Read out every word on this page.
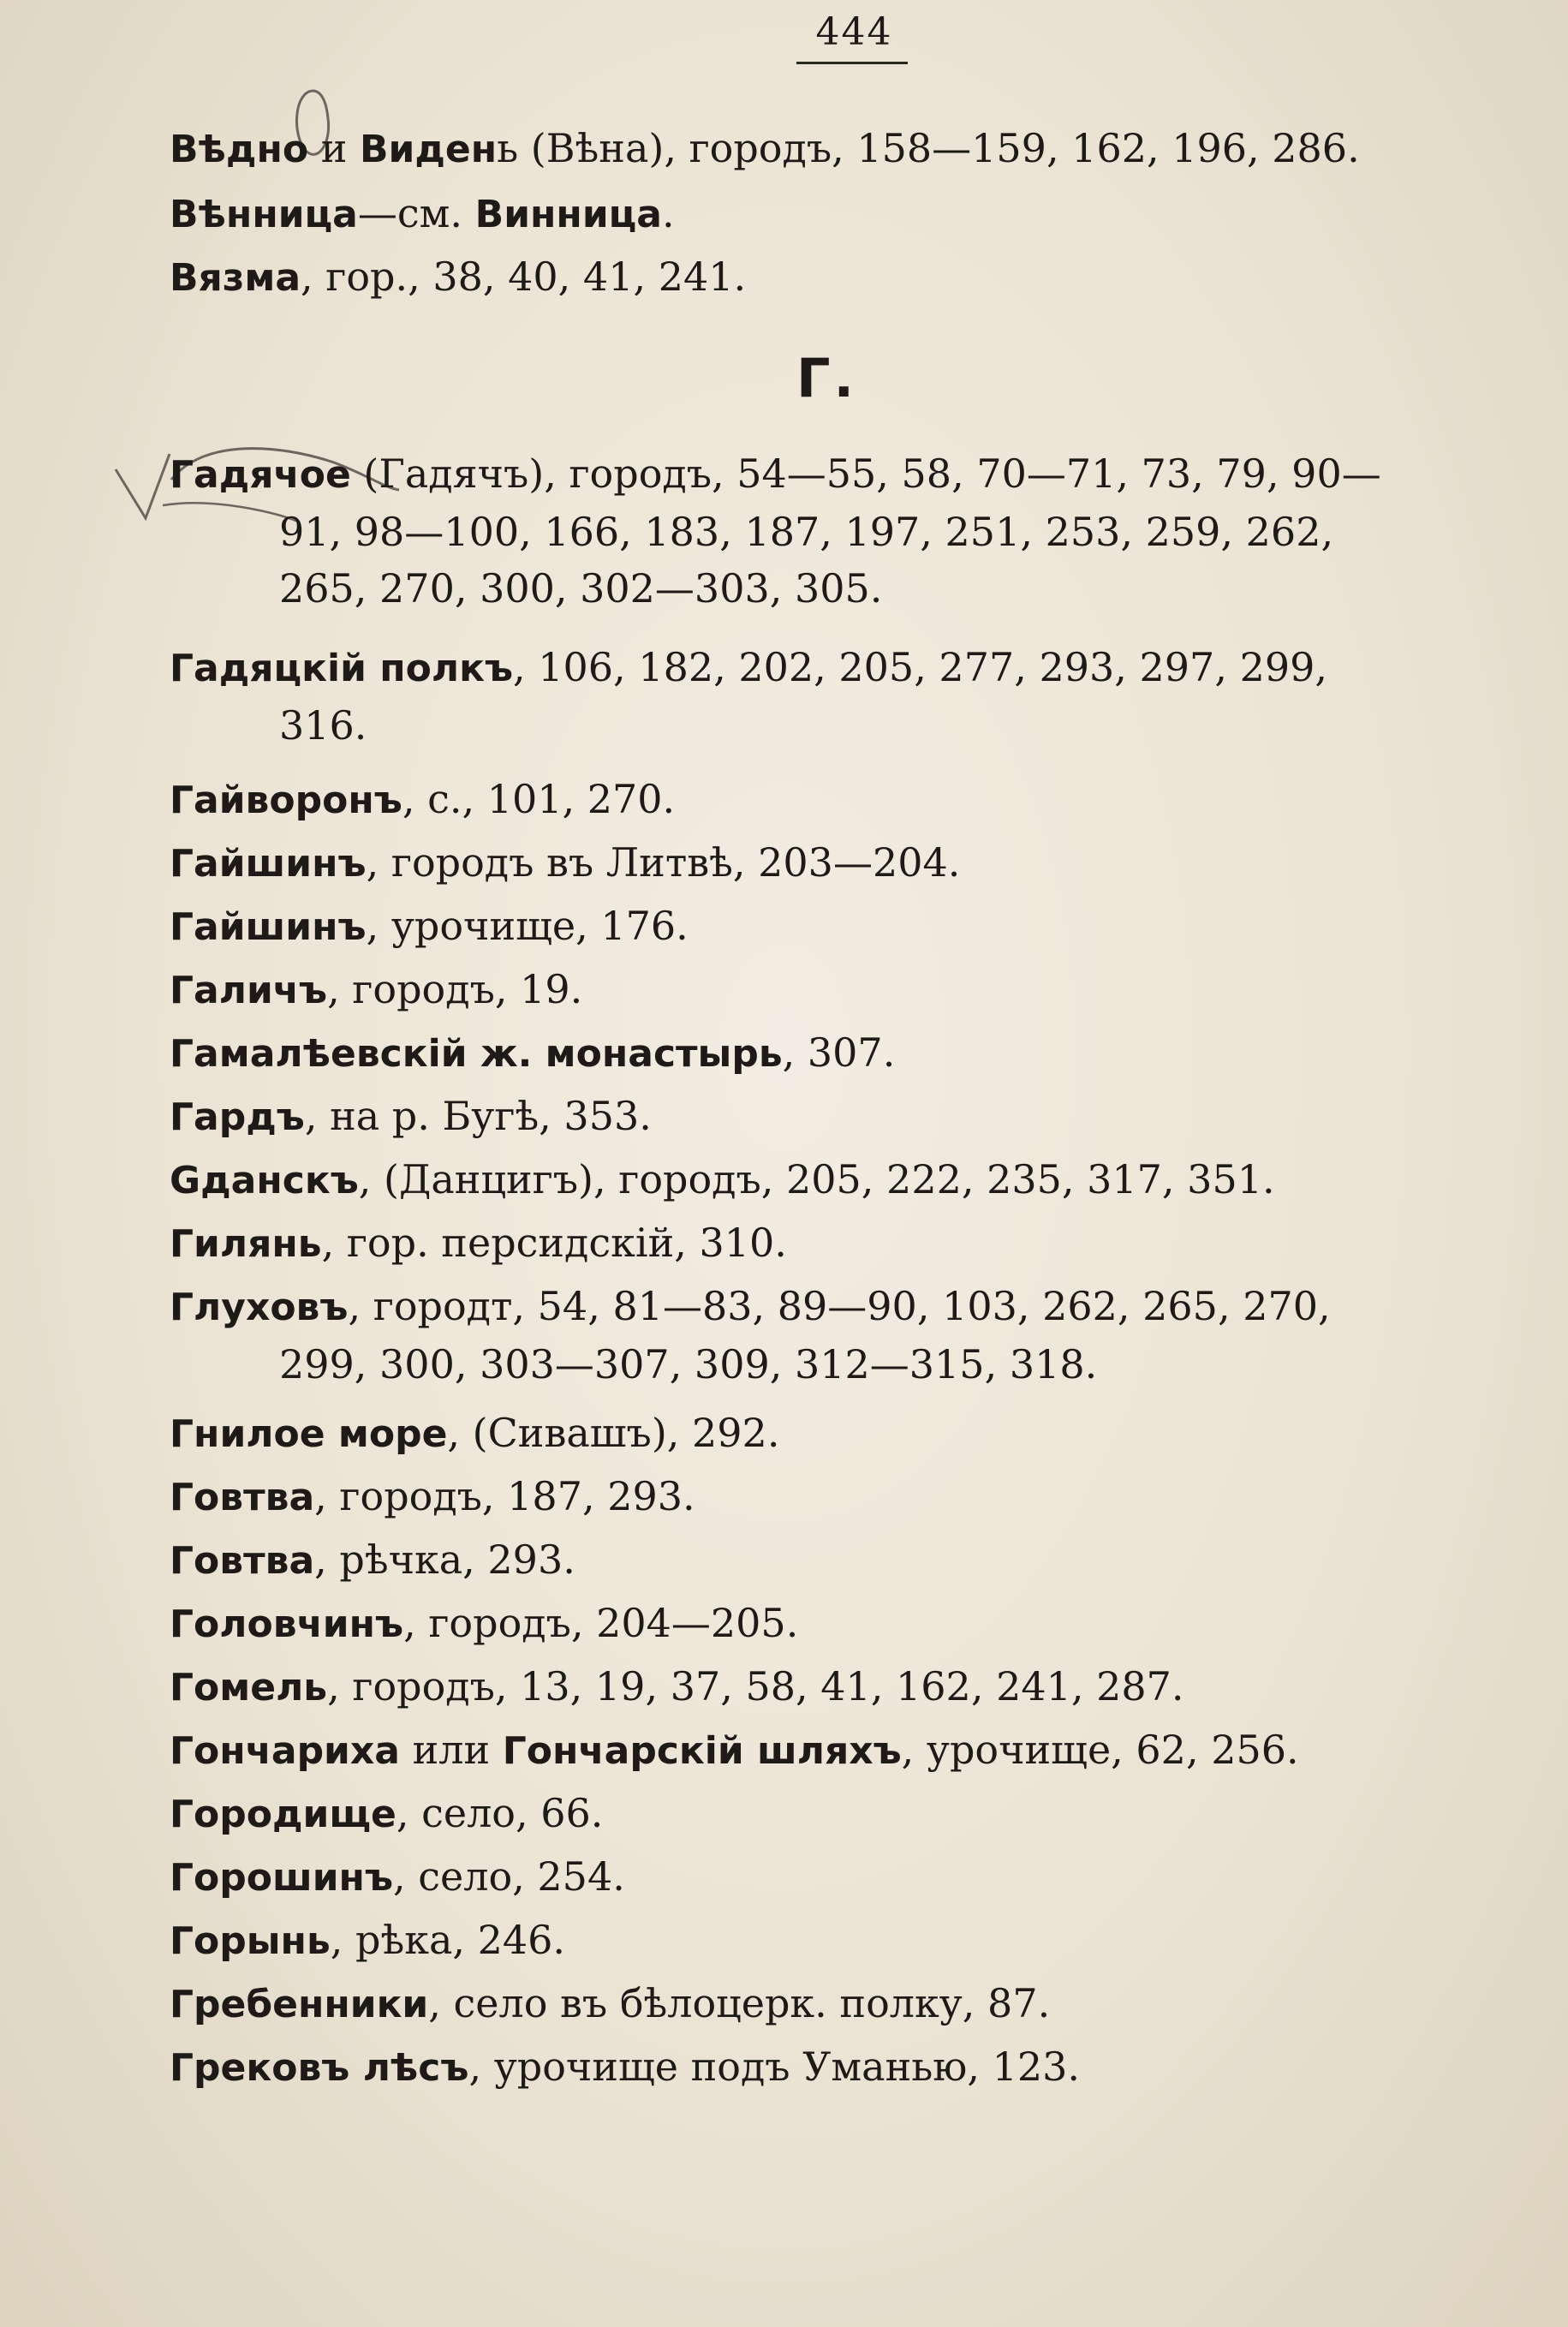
444
Вѣдно и Видень (Вѣна), городъ, 158—159, 162, 196, 286.
Вѣнница—см. Винница.
Вязма, гор., 38, 40, 41, 241.
Г.
Гадячое (Гадячъ), городъ, 54—55, 58, 70—71, 73, 79, 90—
91, 98—100, 166, 183, 187, 197, 251, 253, 259, 262,
265, 270, 300, 302—303, 305.
Гадяцкій полкъ, 106, 182, 202, 205, 277, 293, 297, 299,
316.
Гайворонъ, с., 101, 270.
Гайшинъ, городъ въ Литвѣ, 203—204.
Гайшинъ, урочище, 176.
Галичъ, городъ, 19.
Гамалѣевскій ж. монастырь, 307.
Гардъ, на р. Бугѣ, 353.
Gданскъ, (Данцигъ), городъ, 205, 222, 235, 317, 351.
Гилянь, гор. персидскій, 310.
Глуховъ, городт, 54, 81—83, 89—90, 103, 262, 265, 270,
299, 300, 303—307, 309, 312—315, 318.
Гнилое море, (Сивашъ), 292.
Говтва, городъ, 187, 293.
Говтва, рѣчка, 293.
Головчинъ, городъ, 204—205.
Гомель, городъ, 13, 19, 37, 58, 41, 162, 241, 287.
Гончариха или Гончарскій шляхъ, урочище, 62, 256.
Городище, село, 66.
Горошинъ, село, 254.
Горынь, рѣка, 246.
Гребенники, село въ бѣлоцерк. полку, 87.
Грековъ лѣсъ, урочище подъ Уманью, 123.
